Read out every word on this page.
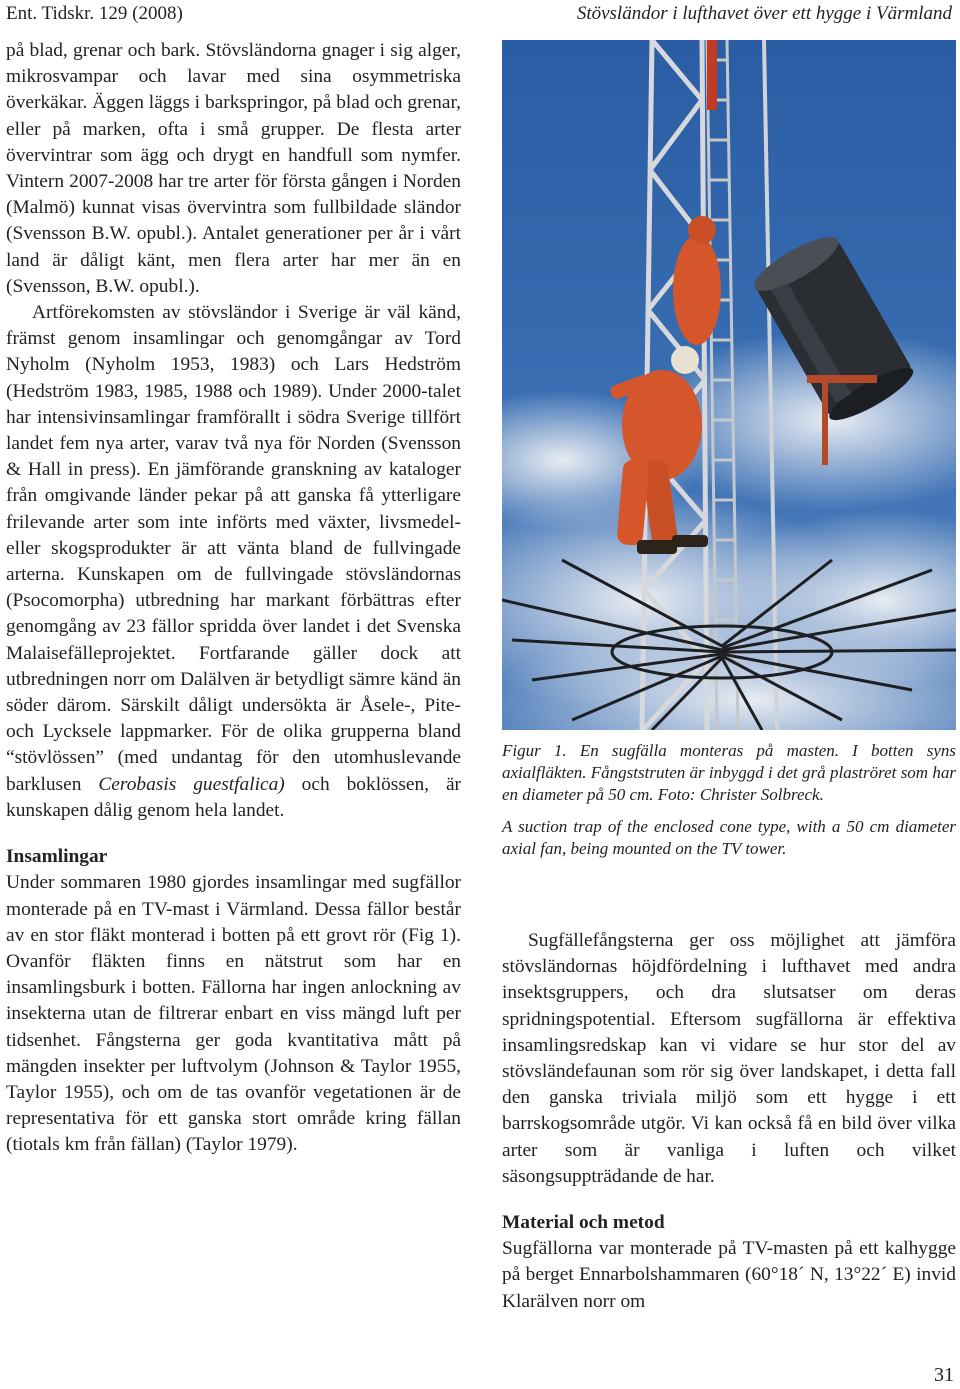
Ent. Tidskr. 129 (2008)	Stövsländor i lufthavet över ett hygge i Värmland

på blad, grenar och bark. Stövsländorna gnager i sig alger, mikrosvampar och lavar med sina osymmetriska överkäkar. Äggen läggs i barkspringor, på blad och grenar, eller på marken, ofta i små grupper. De flesta arter övervintrar som ägg och drygt en handfull som nymfer. Vintern 2007-2008 har tre arter för första gången i Norden (Malmö) kunnat visas övervintra som fullbildade sländor (Svensson B.W. opubl.). Antalet generationer per år i vårt land är dåligt känt, men flera arter har mer än en (Svensson, B.W. opubl.).

Artförekomsten av stövsländor i Sverige är väl känd, främst genom insamlingar och genomgångar av Tord Nyholm (Nyholm 1953, 1983) och Lars Hedström (Hedström 1983, 1985, 1988 och 1989). Under 2000-talet har intensivinsamlingar framförallt i södra Sverige tillfört landet fem nya arter, varav två nya för Norden (Svensson & Hall in press). En jämförande granskning av kataloger från omgivande länder pekar på att ganska få ytterligare frilevande arter som inte införts med växter, livsmedel- eller skogsprodukter är att vänta bland de fullvingade arterna. Kunskapen om de fullvingade stövsländornas (Psocomorpha) utbredning har markant förbättras efter genomgång av 23 fällor spridda över landet i det Svenska Malaisefälleprojektet. Fortfarande gäller dock att utbredningen norr om Dalälven är betydligt sämre känd än söder därom. Särskilt dåligt undersökta är Åsele-, Pite- och Lycksele lappmarker. För de olika grupperna bland “stövlössen” (med undantag för den utomhuslevande barklusen Cerobasis guestfalica) och boklössen, är kunskapen dålig genom hela landet.

Insamlingar

Under sommaren 1980 gjordes insamlingar med sugfällor monterade på en TV-mast i Värmland. Dessa fällor består av en stor fläkt monterad i botten på ett grovt rör (Fig 1). Ovanför fläkten finns en nätstrut som har en insamlingsburk i botten. Fällorna har ingen anlockning av insekterna utan de filtrerar enbart en viss mängd luft per tidsenhet. Fångsterna ger goda kvantitativa mått på mängden insekter per luftvolym (Johnson & Taylor 1955, Taylor 1955), och om de tas ovanför vegetationen är de representativa för ett ganska stort område kring fällan (tiotals km från fällan) (Taylor 1979).

Figur 1. En sugfälla monteras på masten. I botten syns axialfläkten. Fångststruten är inbyggd i det grå plaströret som har en diameter på 50 cm. Foto: Christer Solbreck.

A suction trap of the enclosed cone type, with a 50 cm diameter axial fan, being mounted on the TV tower.

Sugfällefångsterna ger oss möjlighet att jämföra stövsländornas höjdfördelning i lufthavet med andra insektsgruppers, och dra slutsatser om deras spridningspotential. Eftersom sugfällorna är effektiva insamlingsredskap kan vi vidare se hur stor del av stövsländefaunan som rör sig över landskapet, i detta fall den ganska triviala miljö som ett hygge i ett barrskogsområde utgör. Vi kan också få en bild över vilka arter som är vanliga i luften och vilket säsongsuppträdande de har.

Material och metod

Sugfällorna var monterade på TV-masten på ett kalhygge på berget Ennarbolshammaren (60°18´ N, 13°22´ E) invid Klarälven norr om

31
